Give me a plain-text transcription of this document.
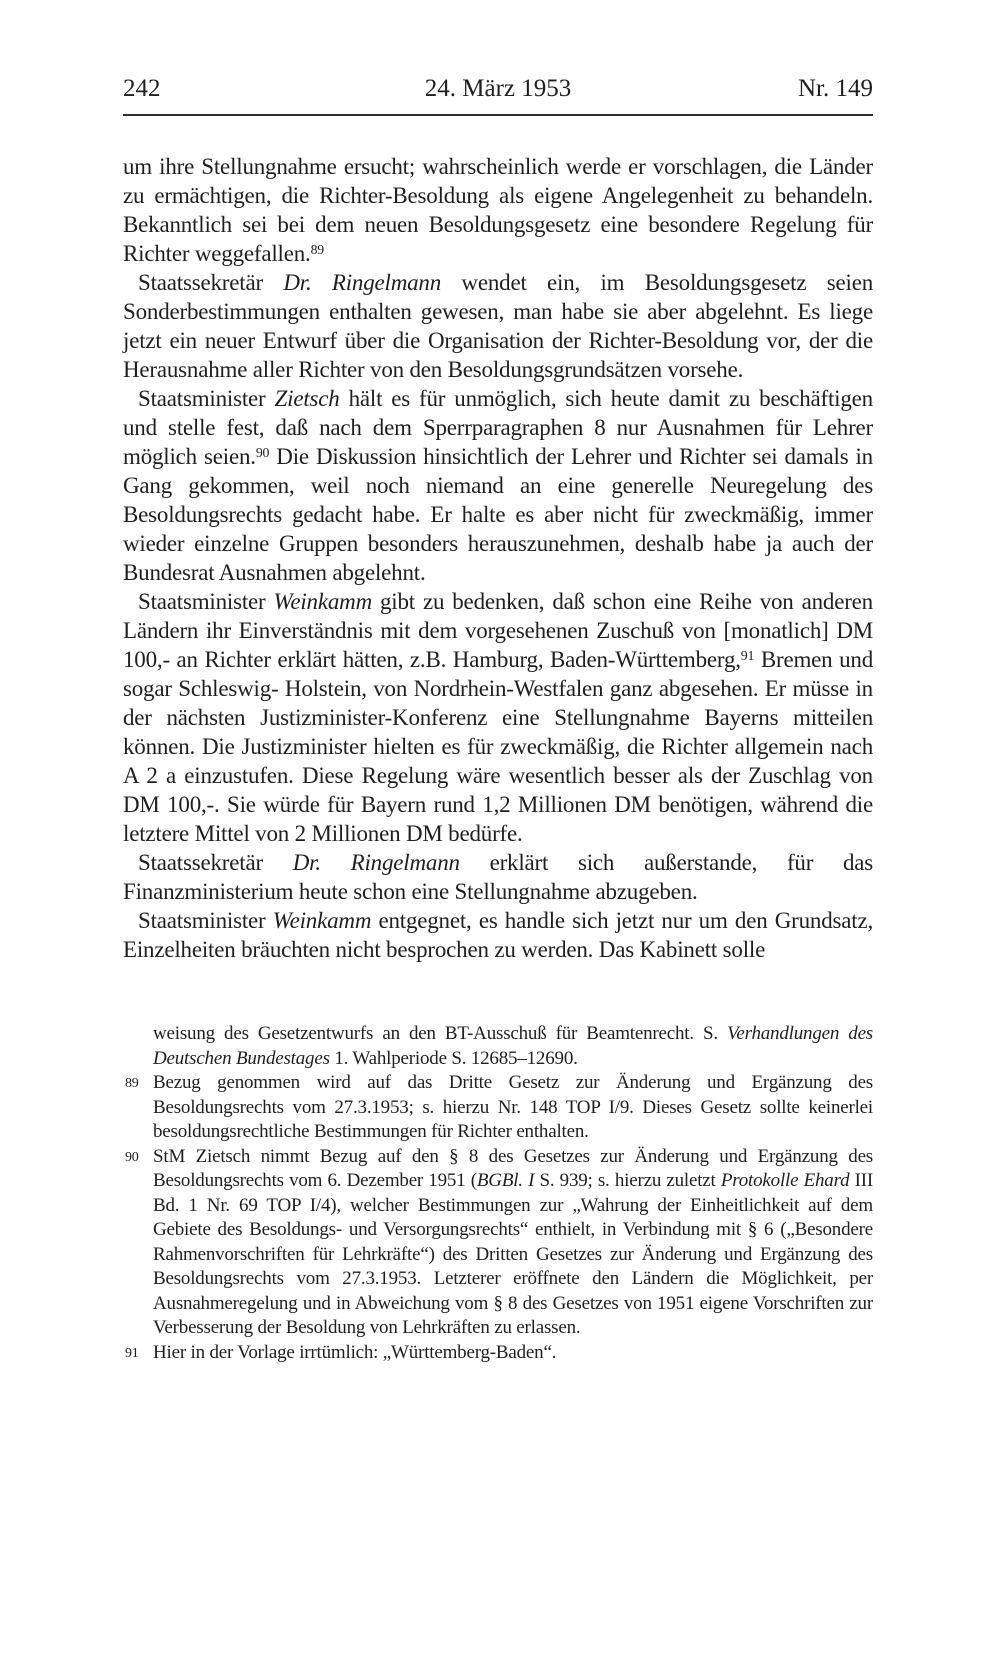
242	24. März 1953	Nr. 149

um ihre Stellungnahme ersucht; wahrscheinlich werde er vorschlagen, die Länder zu ermächtigen, die Richter-Besoldung als eigene Angelegenheit zu behandeln. Bekanntlich sei bei dem neuen Besoldungsgesetz eine besondere Regelung für Richter weggefallen.$^{89}$

Staatssekretär Dr. Ringelmann wendet ein, im Besoldungsgesetz seien Sonderbestimmungen enthalten gewesen, man habe sie aber abgelehnt. Es liege jetzt ein neuer Entwurf über die Organisation der Richter-Besoldung vor, der die Herausnahme aller Richter von den Besoldungsgrundsätzen vorsehe.

Staatsminister Zietsch hält es für unmöglich, sich heute damit zu beschäftigen und stelle fest, daß nach dem Sperrparagraphen 8 nur Ausnahmen für Lehrer möglich seien.$^{90}$ Die Diskussion hinsichtlich der Lehrer und Richter sei damals in Gang gekommen, weil noch niemand an eine generelle Neuregelung des Besoldungsrechts gedacht habe. Er halte es aber nicht für zweckmäßig, immer wieder einzelne Gruppen besonders herauszunehmen, deshalb habe ja auch der Bundesrat Ausnahmen abgelehnt.

Staatsminister Weinkamm gibt zu bedenken, daß schon eine Reihe von anderen Ländern ihr Einverständnis mit dem vorgesehenen Zuschuß von [monatlich] DM 100,- an Richter erklärt hätten, z.B. Hamburg, Baden-Württemberg,$^{91}$ Bremen und sogar Schleswig- Holstein, von Nordrhein-Westfalen ganz abgesehen. Er müsse in der nächsten Justizminister-Konferenz eine Stellungnahme Bayerns mitteilen können. Die Justizminister hielten es für zweckmäßig, die Richter allgemein nach A 2 a einzustufen. Diese Regelung wäre wesentlich besser als der Zuschlag von DM 100,-. Sie würde für Bayern rund 1,2 Millionen DM benötigen, während die letztere Mittel von 2 Millionen DM bedürfe.

Staatssekretär Dr. Ringelmann erklärt sich außerstande, für das Finanzministerium heute schon eine Stellungnahme abzugeben.

Staatsminister Weinkamm entgegnet, es handle sich jetzt nur um den Grundsatz, Einzelheiten bräuchten nicht besprochen zu werden. Das Kabinett solle

weisung des Gesetzentwurfs an den BT-Ausschuß für Beamtenrecht. S. Verhandlungen des Deutschen Bundestages 1. Wahlperiode S. 12685–12690.
89 Bezug genommen wird auf das Dritte Gesetz zur Änderung und Ergänzung des Besoldungsrechts vom 27.3.1953; s. hierzu Nr. 148 TOP I/9. Dieses Gesetz sollte keinerlei besoldungsrechtliche Bestimmungen für Richter enthalten.
90 StM Zietsch nimmt Bezug auf den § 8 des Gesetzes zur Änderung und Ergänzung des Besoldungsrechts vom 6. Dezember 1951 (BGBl. I S. 939; s. hierzu zuletzt Protokolle Ehard III Bd. 1 Nr. 69 TOP I/4), welcher Bestimmungen zur „Wahrung der Einheitlichkeit auf dem Gebiete des Besoldungs- und Versorgungsrechts“ enthielt, in Verbindung mit § 6 („Besondere Rahmenvorschriften für Lehrkräfte“) des Dritten Gesetzes zur Änderung und Ergänzung des Besoldungsrechts vom 27.3.1953. Letzterer eröffnete den Ländern die Möglichkeit, per Ausnahmeregelung und in Abweichung vom § 8 des Gesetzes von 1951 eigene Vorschriften zur Verbesserung der Besoldung von Lehrkräften zu erlassen.
91 Hier in der Vorlage irrtümlich: „Württemberg-Baden“.
